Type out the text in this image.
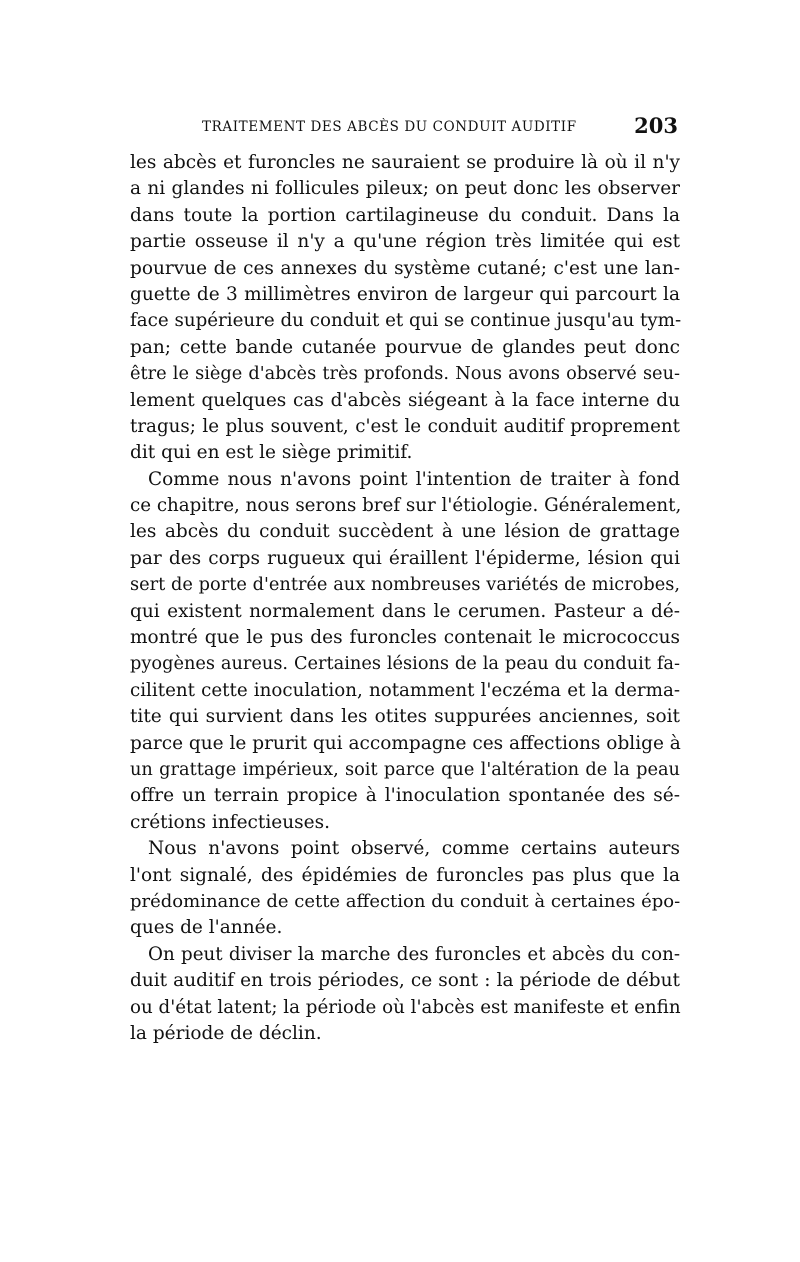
TRAITEMENT DES ABCÈS DU CONDUIT AUDITIF	203
les abcès et furoncles ne sauraient se produire là où il n'y
a ni glandes ni follicules pileux; on peut donc les observer
dans toute la portion cartilagineuse du conduit. Dans la
partie osseuse il n'y a qu'une région très limitée qui est
pourvue de ces annexes du système cutané; c'est une lan-
guette de 3 millimètres environ de largeur qui parcourt la
face supérieure du conduit et qui se continue jusqu'au tym-
pan; cette bande cutanée pourvue de glandes peut donc
être le siège d'abcès très profonds. Nous avons observé seu-
lement quelques cas d'abcès siégeant à la face interne du
tragus; le plus souvent, c'est le conduit auditif proprement
dit qui en est le siège primitif.
Comme nous n'avons point l'intention de traiter à fond
ce chapitre, nous serons bref sur l'étiologie. Généralement,
les abcès du conduit succèdent à une lésion de grattage
par des corps rugueux qui éraillent l'épiderme, lésion qui
sert de porte d'entrée aux nombreuses variétés de microbes,
qui existent normalement dans le cerumen. Pasteur a dé-
montré que le pus des furoncles contenait le micrococcus
pyogènes aureus. Certaines lésions de la peau du conduit fa-
cilitent cette inoculation, notamment l'eczéma et la derma-
tite qui survient dans les otites suppurées anciennes, soit
parce que le prurit qui accompagne ces affections oblige à
un grattage impérieux, soit parce que l'altération de la peau
offre un terrain propice à l'inoculation spontanée des sé-
crétions infectieuses.
Nous n'avons point observé, comme certains auteurs
l'ont signalé, des épidémies de furoncles pas plus que la
prédominance de cette affection du conduit à certaines épo-
ques de l'année.
On peut diviser la marche des furoncles et abcès du con-
duit auditif en trois périodes, ce sont : la période de début
ou d'état latent; la période où l'abcès est manifeste et enfin
la période de déclin.
